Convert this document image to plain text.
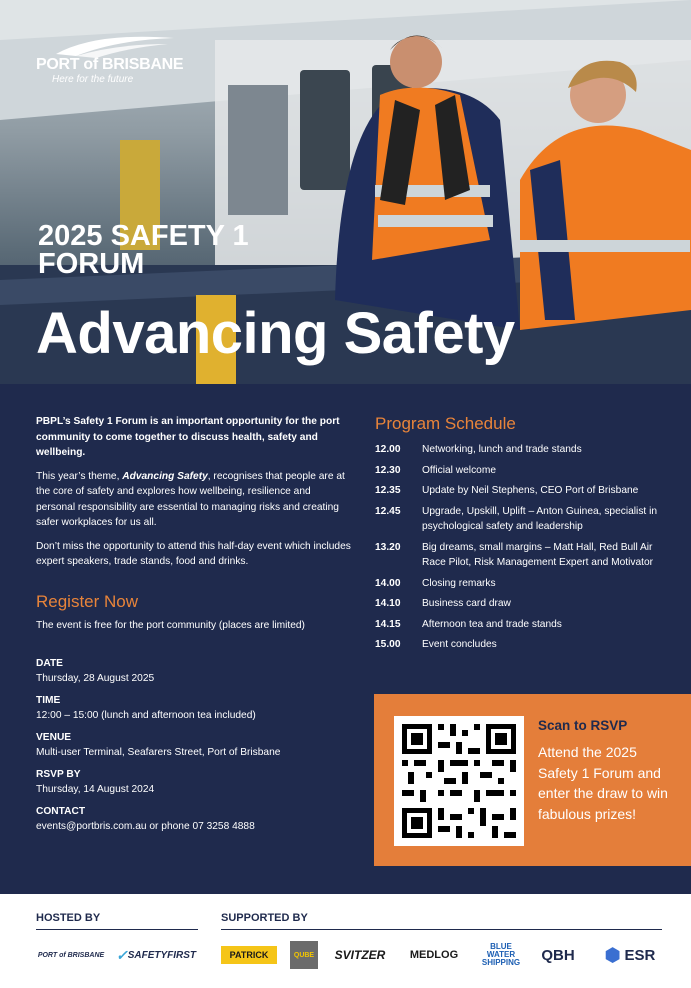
PORT of BRISBANE
Here for the future
2025 SAFETY 1 FORUM
Advancing Safety

PBPL’s Safety 1 Forum is an important opportunity for the port community to come together to discuss health, safety and wellbeing.

This year’s theme, Advancing Safety, recognises that people are at the core of safety and explores how wellbeing, resilience and personal responsibility are essential to managing risks and creating safer workplaces for us all.

Don’t miss the opportunity to attend this half-day event which includes expert speakers, trade stands, food and drinks.

Register Now
The event is free for the port community (places are limited)
DATE
Thursday, 28 August 2025
TIME
12:00 – 15:00 (lunch and afternoon tea included)
VENUE
Multi-user Terminal, Seafarers Street, Port of Brisbane
RSVP BY
Thursday, 14 August 2024
CONTACT
events@portbris.com.au or phone 07 3258 4888
Program Schedule
12.00	Networking, lunch and trade stands
12.30	Official welcome
12.35	Update by Neil Stephens, CEO Port of Brisbane
12.45	Upgrade, Upskill, Uplift – Anton Guinea, specialist in psychological safety and leadership
13.20	Big dreams, small margins – Matt Hall, Red Bull Air Race Pilot, Risk Management Expert and Motivator
14.00	Closing remarks
14.10	Business card draw
14.15	Afternoon tea and trade stands
15.00	Event concludes
Scan to RSVP
Attend the 2025 Safety 1 Forum and enter the draw to win fabulous prizes!
HOSTED BY	SUPPORTED BY
PORT of BRISBANE ✓ SAFETYFIRST	PATRICK	QUBE	SVITZER	MEDLOG
BLUE WATER SHIPPING	QBH	⬢ ESR
